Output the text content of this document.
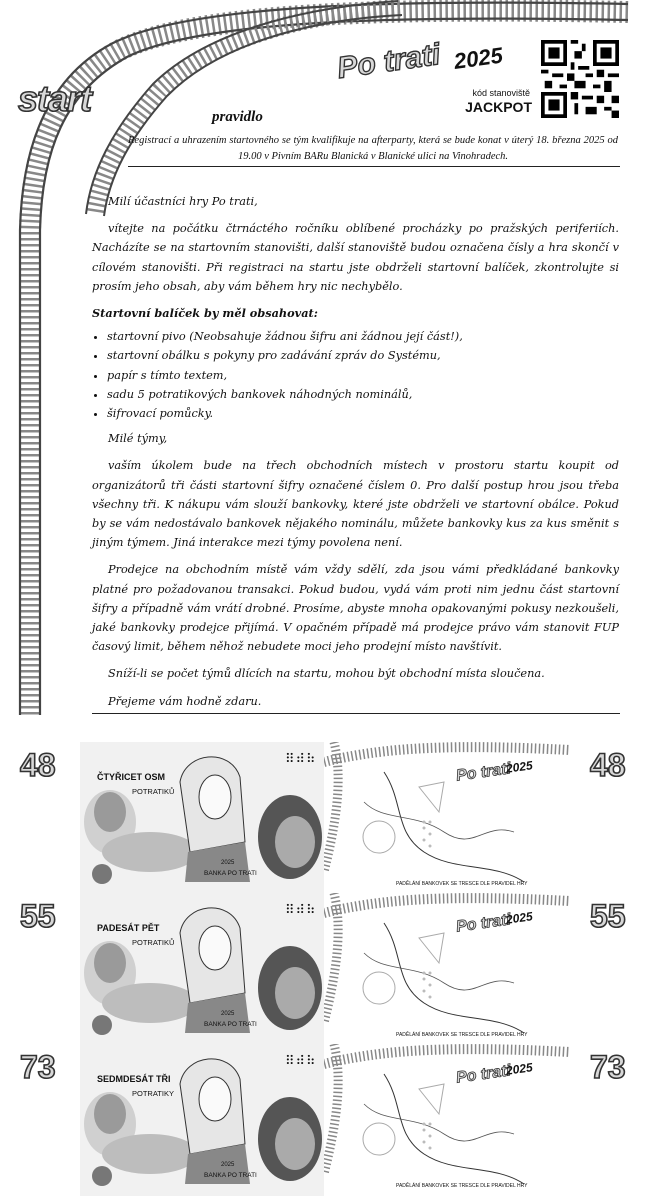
start	pravidlo
Po trati 2025
kód stanoviště
JACKPOT
Registrací a uhrazením startovného se tým kvalifikuje na afterparty, která se bude konat v úterý 18. března 2025 od 19.00 v Pivním BARu Blanická v Blanické ulici na Vinohradech.

Milí účastníci hry Po trati,

vítejte na počátku čtrnáctého ročníku oblíbené procházky po pražských periferiích. Nacházíte se na startovním stanovišti, další stanoviště budou označena čísly a hra skončí v cílovém stanovišti. Při registraci na startu jste obdrželi startovní balíček, zkontrolujte si prosím jeho obsah, aby vám během hry nic nechybělo.

Startovní balíček by měl obsahovat:

• startovní pivo (Neobsahuje žádnou šifru ani žádnou její část!),
• startovní obálku s pokyny pro zadávání zpráv do Systému,
• papír s tímto textem,
• sadu 5 potratikových bankovek náhodných nominálů,
• šifrovací pomůcky.

Milé týmy,

vaším úkolem bude na třech obchodních místech v prostoru startu koupit od organizátorů tři části startovní šifry označené číslem 0. Pro další postup hrou jsou třeba všechny tři. K nákupu vám slouží bankovky, které jste obdrželi ve startovní obálce. Pokud by se vám nedostávalo bankovek nějakého nominálu, můžete bankovky kus za kus směnit s jiným týmem. Jiná interakce mezi týmy povolena není.

Prodejce na obchodním místě vám vždy sdělí, zda jsou vámi předkládané bankovky platné pro požadovanou transakci. Pokud budou, vydá vám proti nim jednu část startovní šifry a případně vám vrátí drobné. Prosíme, abyste mnoha opakovanými pokusy nezkoušeli, jaké bankovky prodejce přijímá. V opačném případě má prodejce právo vám stanovit FUP časový limit, během něhož nebudete moci jeho prodejní místo navštívit.

Sníží-li se počet týmů dlících na startu, mohou být obchodní místa sloučena.

Přejeme vám hodně zdaru.

48	48
ČTYŘICET OSM
POTRATIKŮ
2025
BANKA PO TRATI
⠿⠾⠷
Po trati
2025
PADĚLÁNÍ BANKOVEK SE TRESCE DLE PRAVIDEL HRY
55	55
PADESÁT PĚT
POTRATIKŮ
2025
BANKA PO TRATI
⠿⠾⠷
Po trati
2025
PADĚLÁNÍ BANKOVEK SE TRESCE DLE PRAVIDEL HRY
73	73
SEDMDESÁT TŘI
POTRATIKY
2025
BANKA PO TRATI
⠿⠾⠷
Po trati
2025
PADĚLÁNÍ BANKOVEK SE TRESCE DLE PRAVIDEL HRY
